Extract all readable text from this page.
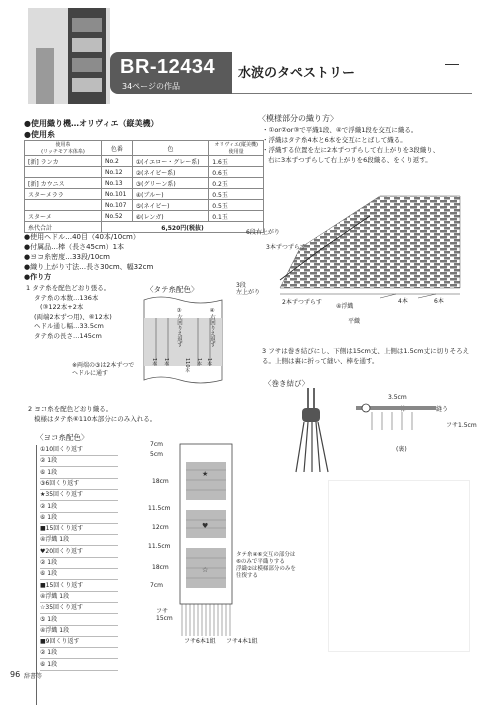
BR-12434
34ページの作品
水波のタペストリー
●使用織り機…オリヴィエ（縦美機）
●使用糸
使用糸
(リッチモア本体糸)	色番	色	オリヴィエ(縦美機)
使用量
[新] ランカ	No.2	①(イエロー・グレー系)	1.6玉
	No.12	②(ネイビー系)	0.6玉
[新] カウニス	No.13	③(グリーン系)	0.2玉
スターメララ	No.101	④(ブルー)	0.5玉
	No.107	⑤(ネイビー)	0.5玉
スターメ	No.52	⑥(レンガ)	0.1玉
糸代合計	6,520円(税抜)		
●使用ヘドル…40目（40本/10cm）
●付属品…棒（長さ45cm）1本
●ヨコ糸密度…33段/10cm
●織り上がり寸法…長さ30cm、幅32cm
●作り方
1 タテ糸を配色どおり張る。
タテ糸の本数…136本
(③122本+2本
(両端2本ずつ用)、⑥12本)
ヘドル通し幅…33.5cm
タテ糸の長さ…145cm
※両端の③は2本ずつで
ヘドルに通す
〈タテ糸配色〉
③左回りえ返す	④右回りえ返す
1本 1本	110本 1本 1本
〈模様部分の織り方〉
・①or②or③で平織1段、④で浮織1段を交互に織る。
・浮織はタテ糸4本と6本を交互にとばして織る。
・浮織する位置を左に2本ずつずらして右上がりを3段織り、
右に3本ずつずらして右上がりを6段織る、をくり返す。
6段右上がり
3本ずつずらす
3段
左上がり
2本ずつずらす
④浮織
平織
4本	6本
3 フサは巻き結びにし、下側は15cm丈、上側は1.5cm丈に切りそろえる。上側は裏に折って縫い、棒を通す。
〈巻き結び〉
3.5cm
縫う
フサ1.5cm
(裏)
2 ヨコ糸を配色どおり織る。
模様はタテ糸⑥110本部分にのみ入れる。
〈ヨコ糸配色〉
①10回くり返す
② 1段
⑥ 1段
③6回くり返す
★35回くり返す
② 1段
⑥ 1段
■15回くり返す
④浮織 1段
♥20回くり返す
② 1段
⑥ 1段
■15回くり返す
④浮織 1段
☆35回くり返す
⑤ 1段
④浮織 1段
■9回くり返す
② 1段
⑥ 1段
★
♥
☆
7cm
5cm
18cm
11.5cm
12cm
11.5cm
18cm
7cm
フサ
15cm
フサ6本1組 フサ4本1組
タテ糸④⑥交互の部分は
⑥のみで平織りする
浮織②は模様部分のみを
往復する
96 辞書等
